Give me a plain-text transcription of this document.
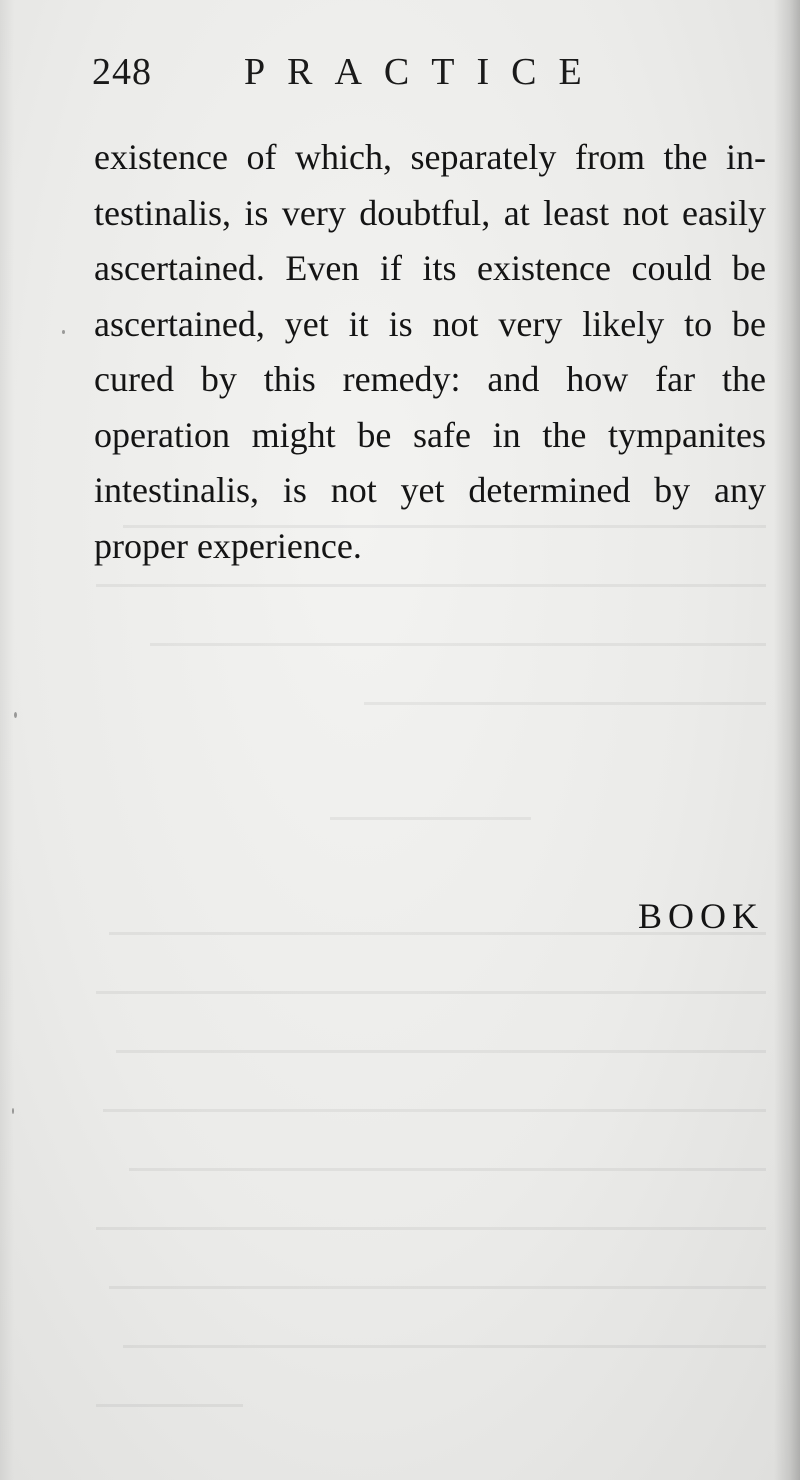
248 PRACTICE
existence of which, separately from the in-
testinalis, is very doubtful, at least not easily
ascertained. Even if its existence could be
ascertained, yet it is not very likely to be
cured by this remedy: and how far the
operation might be safe in the tympanites
intestinalis, is not yet determined by any
proper experience.
BOOK
